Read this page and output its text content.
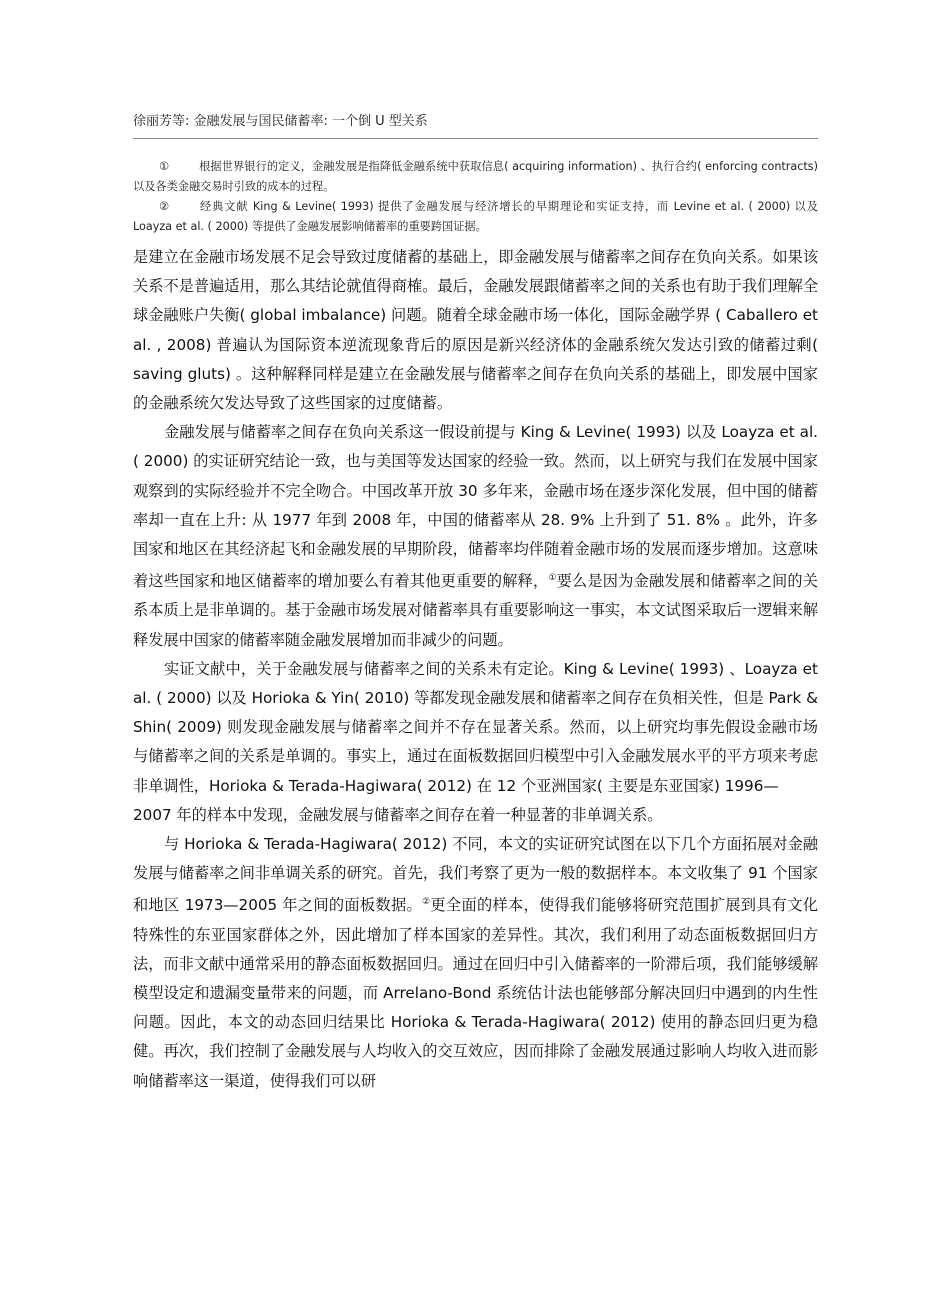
徐丽芳等: 金融发展与国民储蓄率: 一个倒 U 型关系

①	根据世界银行的定义，金融发展是指降低金融系统中获取信息( acquiring information) 、执行合约( enforcing contracts) 以及各类金融交易时引致的成本的过程。

②	经典文献 King & Levine( 1993) 提供了金融发展与经济增长的早期理论和实证支持，而 Levine et al. ( 2000) 以及 Loayza et al. ( 2000) 等提供了金融发展影响储蓄率的重要跨国证据。

是建立在金融市场发展不足会导致过度储蓄的基础上，即金融发展与储蓄率之间存在负向关系。如果该关系不是普遍适用，那么其结论就值得商榷。最后，金融发展跟储蓄率之间的关系也有助于我们理解全球金融账户失衡( global imbalance) 问题。随着全球金融市场一体化，国际金融学界 ( Caballero et al. , 2008) 普遍认为国际资本逆流现象背后的原因是新兴经济体的金融系统欠发达引致的储蓄过剩( saving gluts) 。这种解释同样是建立在金融发展与储蓄率之间存在负向关系的基础上，即发展中国家的金融系统欠发达导致了这些国家的过度储蓄。

金融发展与储蓄率之间存在负向关系这一假设前提与 King & Levine( 1993) 以及 Loayza et al. ( 2000) 的实证研究结论一致，也与美国等发达国家的经验一致。然而，以上研究与我们在发展中国家观察到的实际经验并不完全吻合。中国改革开放 30 多年来，金融市场在逐步深化发展，但中国的储蓄率却一直在上升: 从 1977 年到 2008 年，中国的储蓄率从 28. 9% 上升到了 51. 8% 。此外，许多国家和地区在其经济起飞和金融发展的早期阶段，储蓄率均伴随着金融市场的发展而逐步增加。这意味着这些国家和地区储蓄率的增加要么有着其他更重要的解释，①要么是因为金融发展和储蓄率之间的关系本质上是非单调的。基于金融市场发展对储蓄率具有重要影响这一事实，本文试图采取后一逻辑来解释发展中国家的储蓄率随金融发展增加而非减少的问题。

实证文献中，关于金融发展与储蓄率之间的关系未有定论。King & Levine( 1993) 、Loayza et al. ( 2000) 以及 Horioka & Yin( 2010) 等都发现金融发展和储蓄率之间存在负相关性，但是 Park & Shin( 2009) 则发现金融发展与储蓄率之间并不存在显著关系。然而，以上研究均事先假设金融市场与储蓄率之间的关系是单调的。事实上，通过在面板数据回归模型中引入金融发展水平的平方项来考虑非单调性，Horioka & Terada-Hagiwara( 2012) 在 12 个亚洲国家( 主要是东亚国家) 1996—

2007 年的样本中发现，金融发展与储蓄率之间存在着一种显著的非单调关系。

与 Horioka & Terada-Hagiwara( 2012) 不同，本文的实证研究试图在以下几个方面拓展对金融发展与储蓄率之间非单调关系的研究。首先，我们考察了更为一般的数据样本。本文收集了 91 个国家和地区 1973—2005 年之间的面板数据。②更全面的样本，使得我们能够将研究范围扩展到具有文化特殊性的东亚国家群体之外，因此增加了样本国家的差异性。其次，我们利用了动态面板数据回归方法，而非文献中通常采用的静态面板数据回归。通过在回归中引入储蓄率的一阶滞后项，我们能够缓解模型设定和遗漏变量带来的问题，而 Arrelano-Bond 系统估计法也能够部分解决回归中遇到的内生性问题。因此，本文的动态回归结果比 Horioka & Terada-Hagiwara( 2012) 使用的静态回归更为稳健。再次，我们控制了金融发展与人均收入的交互效应，因而排除了金融发展通过影响人均收入进而影响储蓄率这一渠道，使得我们可以研
